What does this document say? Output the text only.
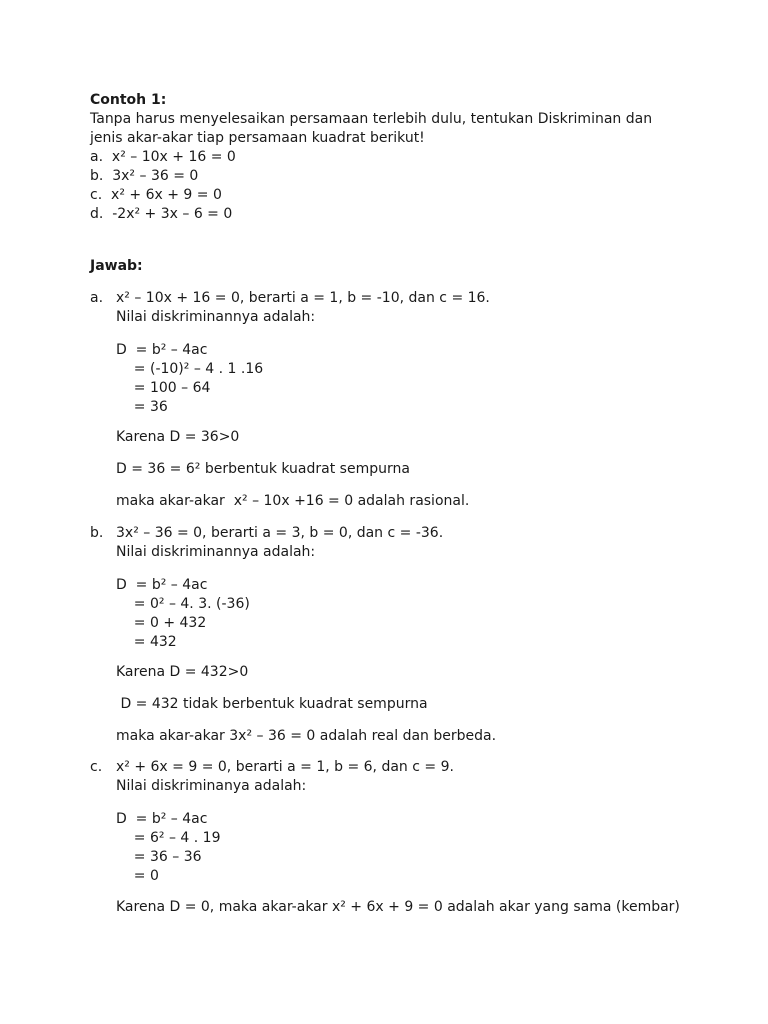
Contoh 1:
Tanpa harus menyelesaikan persamaan terlebih dulu, tentukan Diskriminan dan
jenis akar-akar tiap persamaan kuadrat berikut!
a.  x² – 10x + 16 = 0
b.  3x² – 36 = 0
c.  x² + 6x + 9 = 0
d.  -2x² + 3x – 6 = 0
Jawab:
a. x² – 10x + 16 = 0, berarti a = 1, b = -10, dan c = 16.
Nilai diskriminannya adalah:
D  = b² – 4ac
= (-10)² – 4 . 1 .16
= 100 – 64
= 36
Karena D = 36>0
D = 36 = 6² berbentuk kuadrat sempurna
maka akar-akar  x² – 10x +16 = 0 adalah rasional.
b. 3x² – 36 = 0, berarti a = 3, b = 0, dan c = -36.
Nilai diskriminannya adalah:
D  = b² – 4ac
= 0² – 4. 3. (-36)
= 0 + 432
= 432
Karena D = 432>0
D = 432 tidak berbentuk kuadrat sempurna
maka akar-akar 3x² – 36 = 0 adalah real dan berbeda.
c. x² + 6x = 9 = 0, berarti a = 1, b = 6, dan c = 9.
Nilai diskriminanya adalah:
D  = b² – 4ac
= 6² – 4 . 19
= 36 – 36
= 0
Karena D = 0, maka akar-akar x² + 6x + 9 = 0 adalah akar yang sama (kembar)
